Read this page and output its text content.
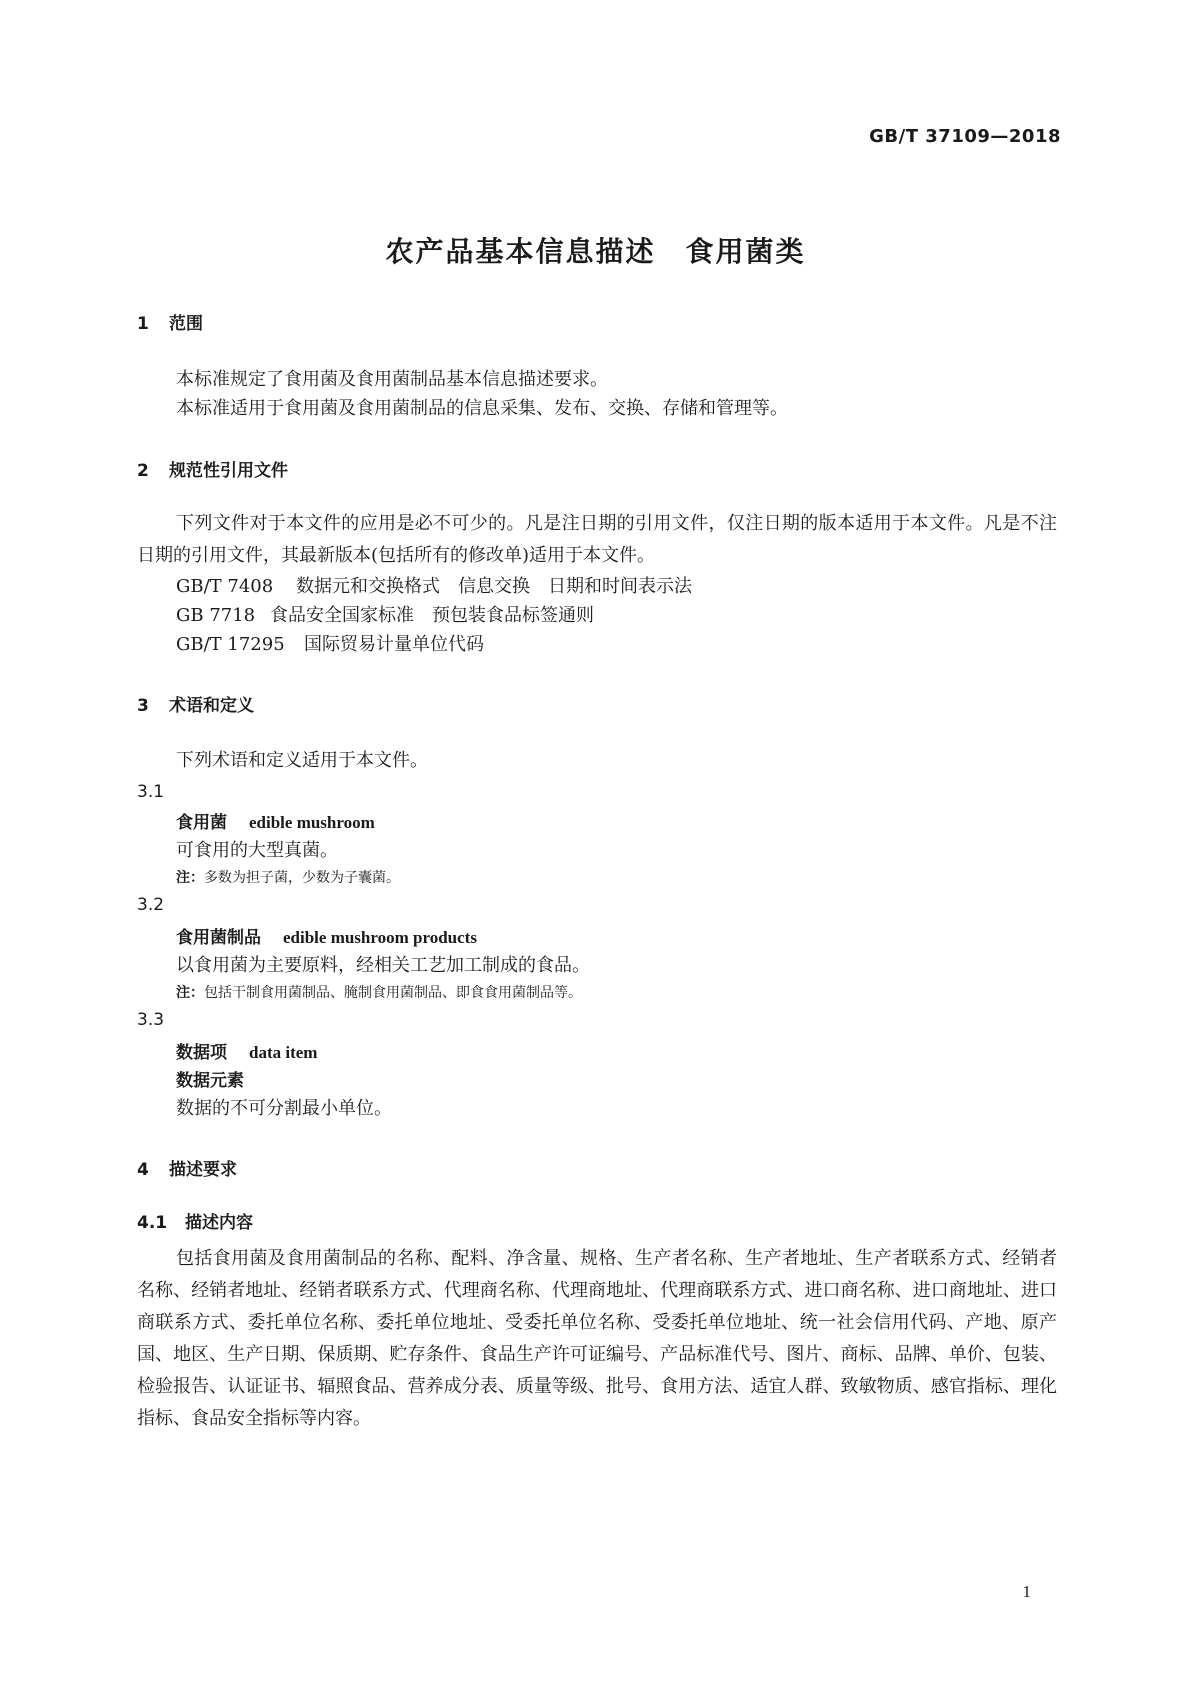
GB/T 37109—2018
农产品基本信息描述　食用菌类
1 范围
本标准规定了食用菌及食用菌制品基本信息描述要求。
本标准适用于食用菌及食用菌制品的信息采集、发布、交换、存储和管理等。
2 规范性引用文件
下列文件对于本文件的应用是必不可少的。凡是注日期的引用文件，仅注日期的版本适用于本文件。凡是不注日期的引用文件，其最新版本(包括所有的修改单)适用于本文件。
GB/T 7408 数据元和交换格式　信息交换　日期和时间表示法
GB 7718 食品安全国家标准　预包装食品标签通则
GB/T 17295 国际贸易计量单位代码
3 术语和定义
下列术语和定义适用于本文件。
3.1
食用菌 edible mushroom
可食用的大型真菌。
注：多数为担子菌，少数为子囊菌。
3.2
食用菌制品 edible mushroom products
以食用菌为主要原料，经相关工艺加工制成的食品。
注：包括干制食用菌制品、腌制食用菌制品、即食食用菌制品等。
3.3
数据项 data item
数据元素
数据的不可分割最小单位。
4 描述要求
4.1 描述内容
包括食用菌及食用菌制品的名称、配料、净含量、规格、生产者名称、生产者地址、生产者联系方式、经销者名称、经销者地址、经销者联系方式、代理商名称、代理商地址、代理商联系方式、进口商名称、进口商地址、进口商联系方式、委托单位名称、委托单位地址、受委托单位名称、受委托单位地址、统一社会信用代码、产地、原产国、地区、生产日期、保质期、贮存条件、食品生产许可证编号、产品标准代号、图片、商标、品牌、单价、包装、检验报告、认证证书、辐照食品、营养成分表、质量等级、批号、食用方法、适宜人群、致敏物质、感官指标、理化指标、食品安全指标等内容。
1
